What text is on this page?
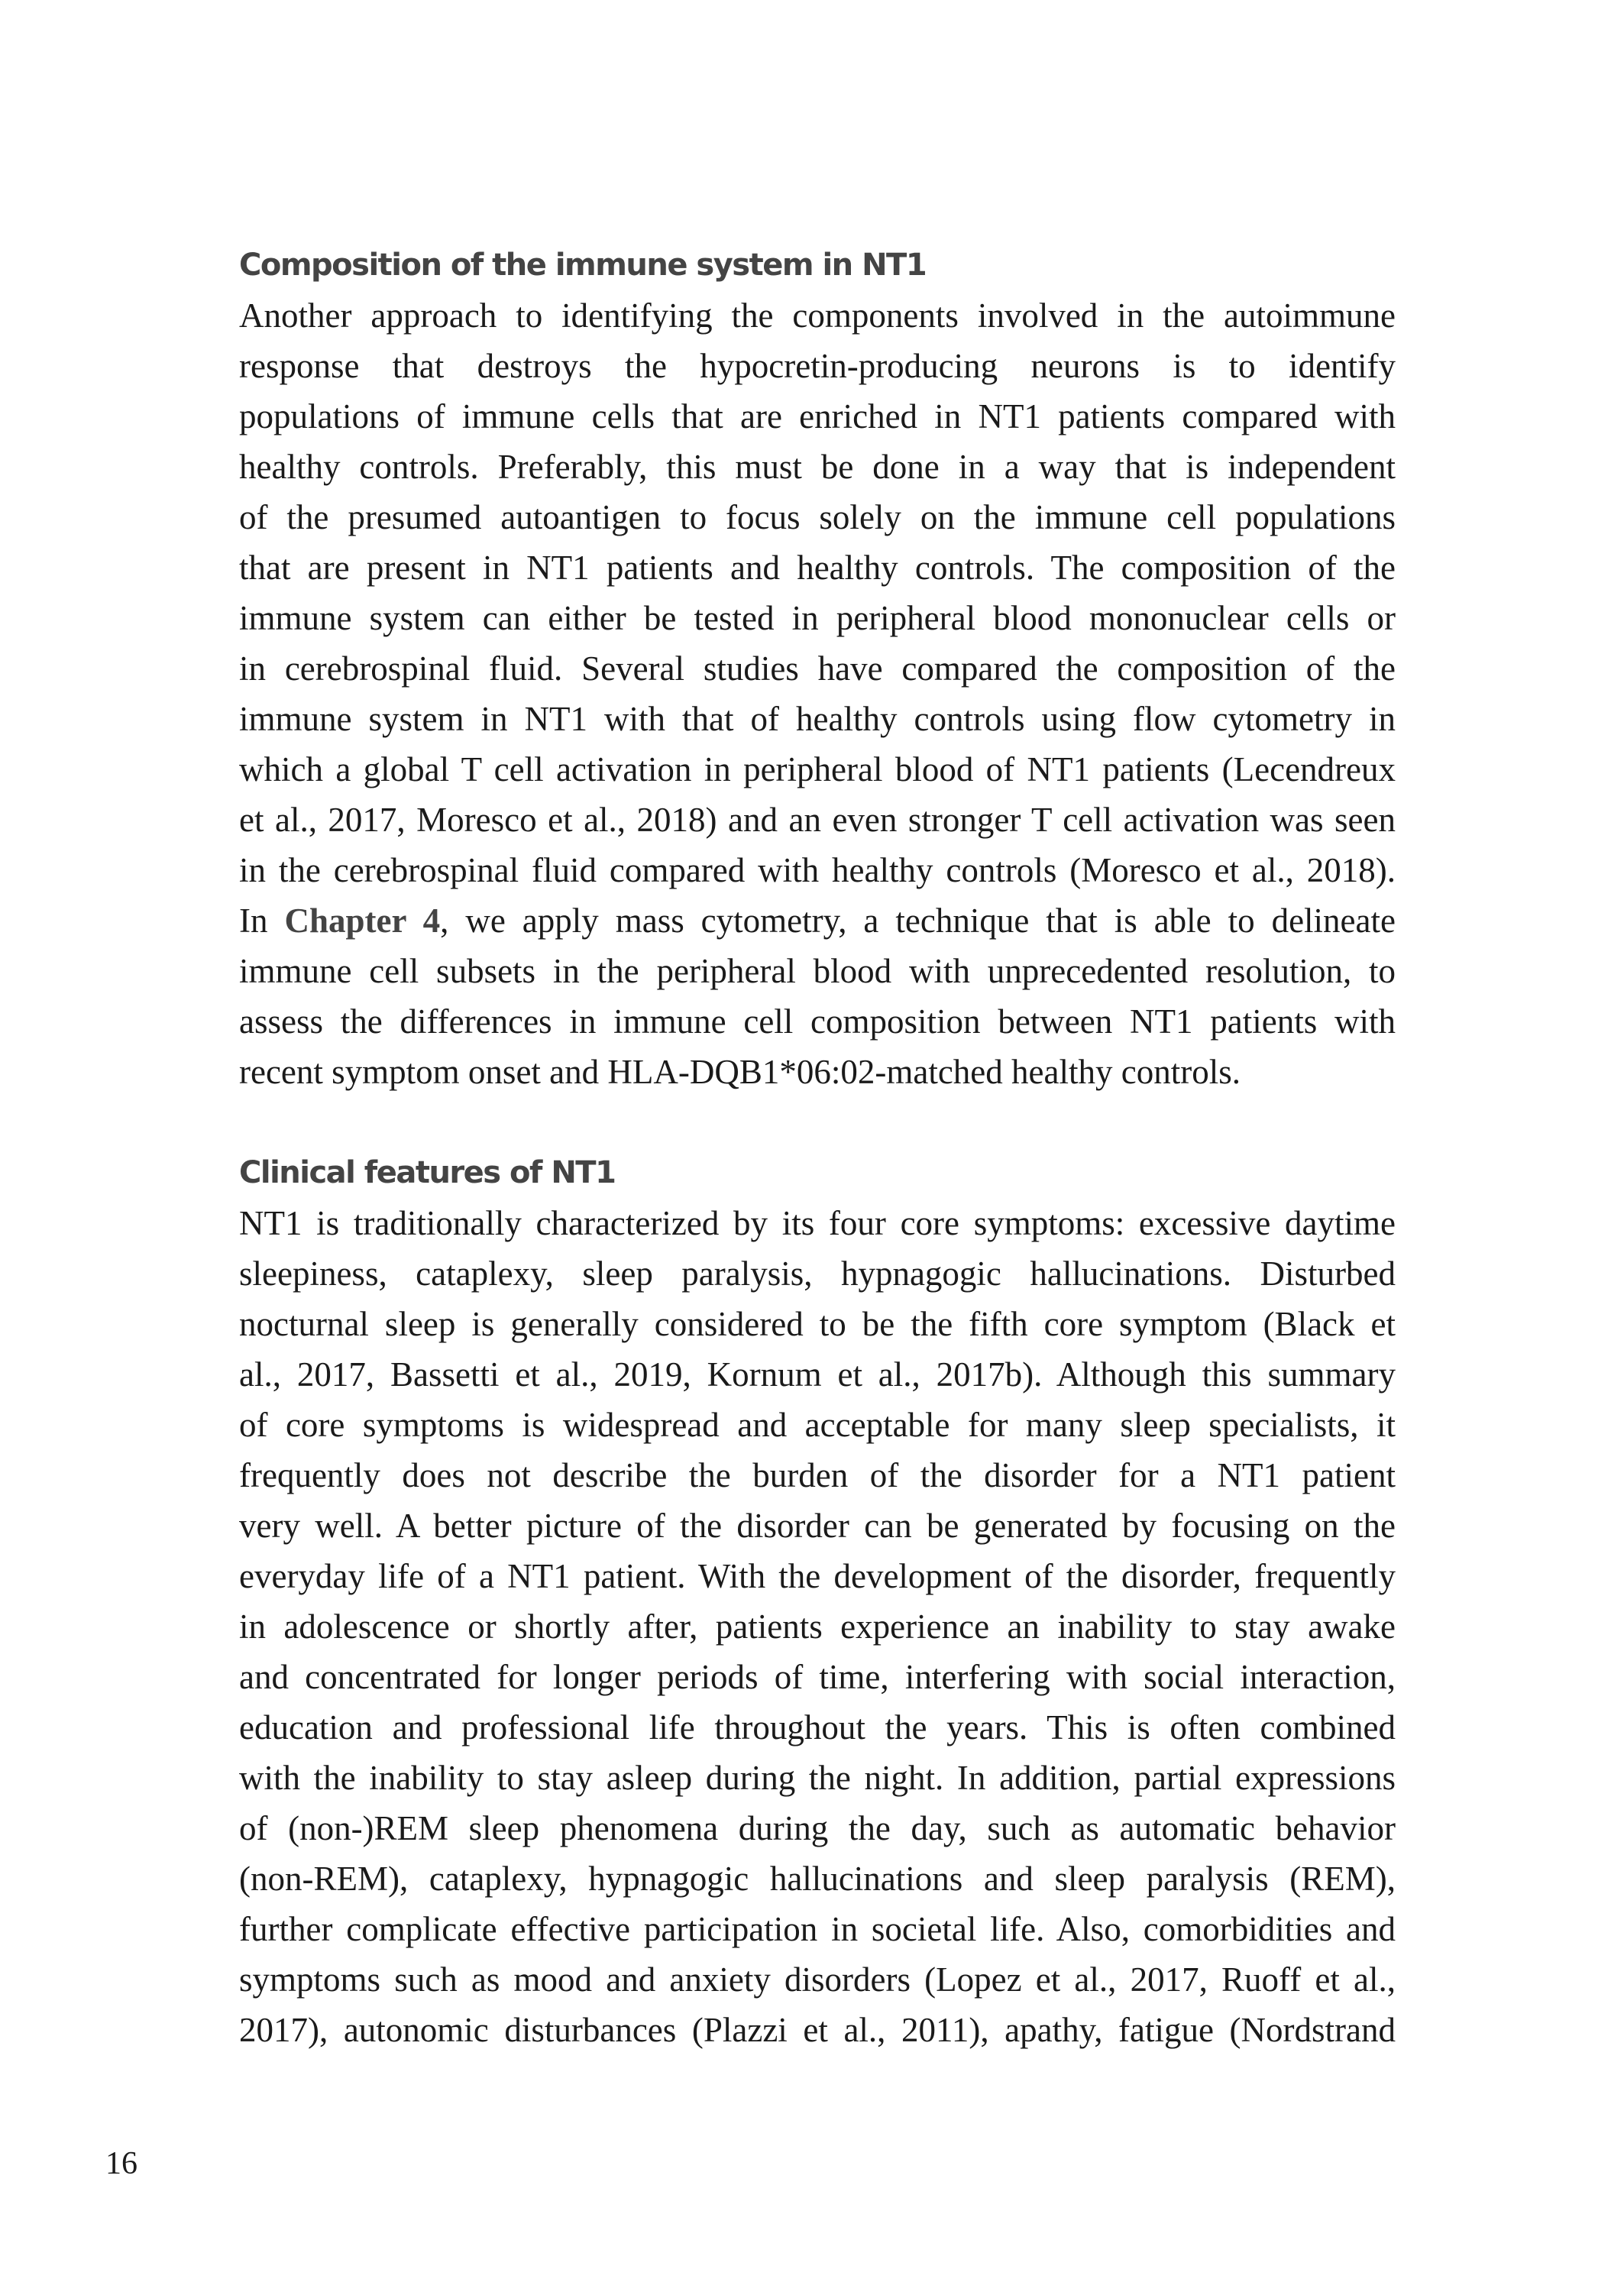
Composition of the immune system in NT1
Another approach to identifying the components involved in the autoimmune
response that destroys the hypocretin-producing neurons is to identify
populations of immune cells that are enriched in NT1 patients compared with
healthy controls. Preferably, this must be done in a way that is independent
of the presumed autoantigen to focus solely on the immune cell populations
that are present in NT1 patients and healthy controls. The composition of the
immune system can either be tested in peripheral blood mononuclear cells or
in cerebrospinal fluid. Several studies have compared the composition of the
immune system in NT1 with that of healthy controls using flow cytometry in
which a global T cell activation in peripheral blood of NT1 patients (Lecendreux
et al., 2017, Moresco et al., 2018) and an even stronger T cell activation was seen
in the cerebrospinal fluid compared with healthy controls (Moresco et al., 2018).
In Chapter 4, we apply mass cytometry, a technique that is able to delineate
immune cell subsets in the peripheral blood with unprecedented resolution, to
assess the differences in immune cell composition between NT1 patients with
recent symptom onset and HLA-DQB1*06:02-matched healthy controls.
Clinical features of NT1
NT1 is traditionally characterized by its four core symptoms: excessive daytime
sleepiness, cataplexy, sleep paralysis, hypnagogic hallucinations. Disturbed
nocturnal sleep is generally considered to be the fifth core symptom (Black et
al., 2017, Bassetti et al., 2019, Kornum et al., 2017b). Although this summary
of core symptoms is widespread and acceptable for many sleep specialists, it
frequently does not describe the burden of the disorder for a NT1 patient
very well. A better picture of the disorder can be generated by focusing on the
everyday life of a NT1 patient. With the development of the disorder, frequently
in adolescence or shortly after, patients experience an inability to stay awake
and concentrated for longer periods of time, interfering with social interaction,
education and professional life throughout the years. This is often combined
with the inability to stay asleep during the night. In addition, partial expressions
of (non-)REM sleep phenomena during the day, such as automatic behavior
(non-REM), cataplexy, hypnagogic hallucinations and sleep paralysis (REM),
further complicate effective participation in societal life. Also, comorbidities and
symptoms such as mood and anxiety disorders (Lopez et al., 2017, Ruoff et al.,
2017), autonomic disturbances (Plazzi et al., 2011), apathy, fatigue (Nordstrand
16
